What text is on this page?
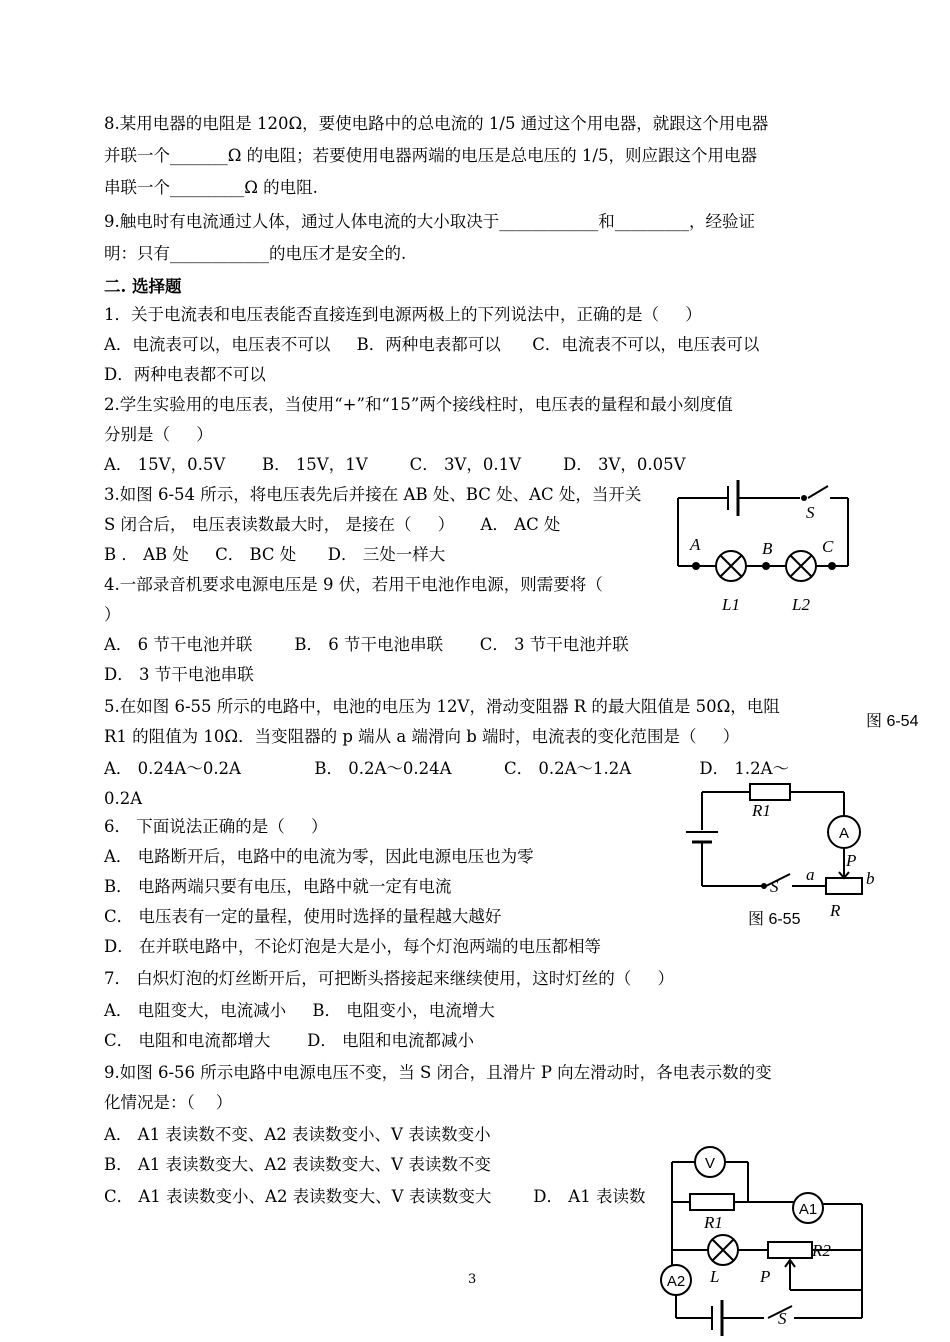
8.某用电器的电阻是 120Ω，要使电路中的总电流的 1/5 通过这个用电器，就跟这个用电器
并联一个_______Ω 的电阻；若要使用电器两端的电压是总电压的 1/5，则应跟这个用电器
串联一个_________Ω 的电阻.
9.触电时有电流通过人体，通过人体电流的大小取决于____________和_________，经验证
明：只有____________的电压才是安全的.
二. 选择题
1．关于电流表和电压表能否直接连到电源两极上的下列说法中，正确的是（     ）
A．电流表可以，电压表不可以     B．两种电表都可以      C．电流表不可以，电压表可以
D．两种电表都不可以
2.学生实验用的电压表，当使用“+”和“15”两个接线柱时，电压表的量程和最小刻度值
分别是（     ）
A． 15V，0.5V       B． 15V，1V        C． 3V，0.1V        D． 3V，0.05V
3.如图 6-54 所示，将电压表先后并接在 AB 处、BC 处、AC 处，当开关
S 闭合后， 电压表读数最大时， 是接在（     ）     A． AC 处
B ． AB 处     C． BC 处      D． 三处一样大
4.一部录音机要求电源电压是 9 伏，若用干电池作电源，则需要将（
）
A． 6 节干电池并联        B． 6 节干电池串联       C． 3 节干电池并联
D． 3 节干电池串联
5.在如图 6-55 所示的电路中，电池的电压为 12V，滑动变阻器 R 的最大阻值是 50Ω，电阻
R1 的阻值为 10Ω．当变阻器的 p 端从 a 端滑向 b 端时，电流表的变化范围是（     ）
A． 0.24A～0.2A              B． 0.2A～0.24A          C． 0.2A～1.2A             D． 1.2A～
0.2A
6． 下面说法正确的是（     ）
A． 电路断开后，电路中的电流为零，因此电源电压也为零
B． 电路两端只要有电压，电路中就一定有电流
C． 电压表有一定的量程，使用时选择的量程越大越好
D． 在并联电路中，不论灯泡是大是小，每个灯泡两端的电压都相等
7． 白炽灯泡的灯丝断开后，可把断头搭接起来继续使用，这时灯丝的（     ）
A． 电阻变大，电流减小     B． 电阻变小，电流增大
C． 电阻和电流都增大       D． 电阻和电流都减小
9.如图 6-56 所示电路中电源电压不变，当 S 闭合，且滑片 P 向左滑动时，各电表示数的变
化情况是：（    ）
A． A1 表读数不变、A2 表读数变小、V 表读数变小
B． A1 表读数变大、A2 表读数变大、V 表读数不变
C． A1 表读数变小、A2 表读数变大、V 表读数变大        D． A1 表读数
图 6-54
图 6-55
A	B	C
S
L1	L2
R1
P
a	b
S
R
R1
R2
L P
S
A
V
A1
A2
3
